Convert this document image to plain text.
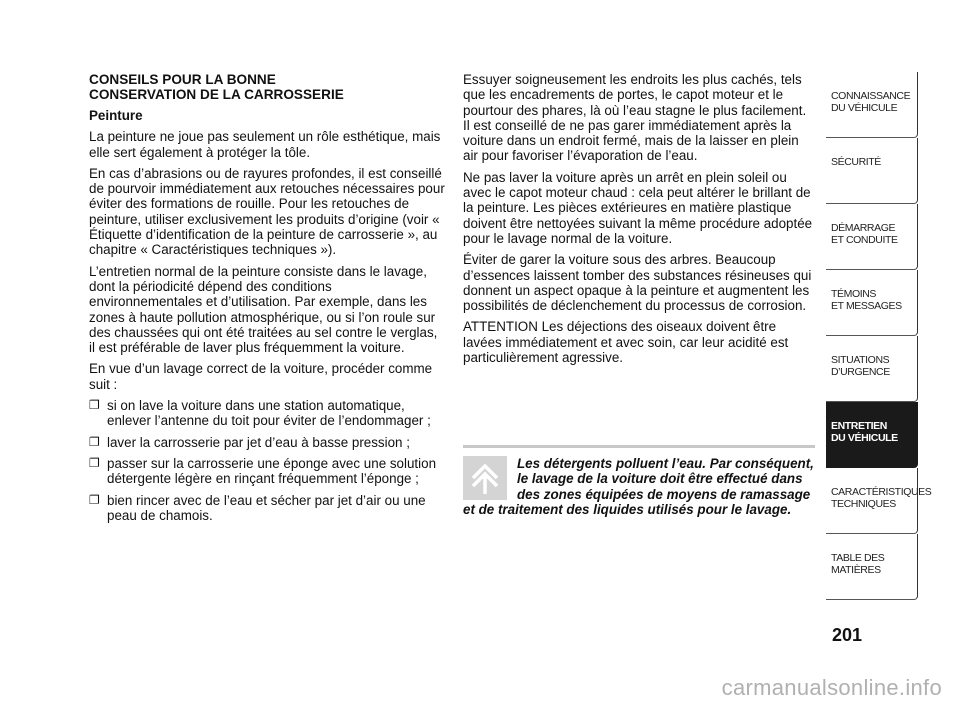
CONSEILS POUR LA BONNE
CONSERVATION DE LA CARROSSERIE

Peinture

La peinture ne joue pas seulement un rôle esthétique, mais elle sert également à protéger la tôle.

En cas d’abrasions ou de rayures profondes, il est conseillé de pourvoir immédiatement aux retouches nécessaires pour éviter des formations de rouille. Pour les retouches de peinture, utiliser exclusivement les produits d’origine (voir « Étiquette d’identification de la peinture de carrosserie », au chapitre « Caractéristiques techniques »).

L’entretien normal de la peinture consiste dans le lavage, dont la périodicité dépend des conditions environnementales et d’utilisation. Par exemple, dans les zones à haute pollution atmosphérique, ou si l’on roule sur des chaussées qui ont été traitées au sel contre le verglas, il est préférable de laver plus fréquemment la voiture.

En vue d’un lavage correct de la voiture, procéder comme suit :

❐ si on lave la voiture dans une station automatique, enlever l’antenne du toit pour éviter de l’endommager ;
❐ laver la carrosserie par jet d’eau à basse pression ;
❐ passer sur la carrosserie une éponge avec une solution détergente légère en rinçant fréquemment l’éponge ;
❐ bien rincer avec de l’eau et sécher par jet d’air ou une peau de chamois.

Essuyer soigneusement les endroits les plus cachés, tels que les encadrements de portes, le capot moteur et le pourtour des phares, là où l’eau stagne le plus facilement. Il est conseillé de ne pas garer immédiatement après la voiture dans un endroit fermé, mais de la laisser en plein air pour favoriser l’évaporation de l’eau.

Ne pas laver la voiture après un arrêt en plein soleil ou avec le capot moteur chaud : cela peut altérer le brillant de la peinture. Les pièces extérieures en matière plastique doivent être nettoyées suivant la même procédure adoptée pour le lavage normal de la voiture.

Éviter de garer la voiture sous des arbres. Beaucoup d’essences laissent tomber des substances résineuses qui donnent un aspect opaque à la peinture et augmentent les possibilités de déclenchement du processus de corrosion.

ATTENTION Les déjections des oiseaux doivent être lavées immédiatement et avec soin, car leur acidité est particulièrement agressive.

Les détergents polluent l’eau. Par conséquent, le lavage de la voiture doit être effectué dans des zones équipées de moyens de ramassage et de traitement des liquides utilisés pour le lavage.
CONNAISSANCE
DU VÉHICULE
SÉCURITÉ
DÉMARRAGE
ET CONDUITE
TÉMOINS
ET MESSAGES
SITUATIONS
D’URGENCE
ENTRETIEN
DU VÉHICULE
CARACTÉRISTIQUES
TECHNIQUES
TABLE DES
MATIÈRES
201
carmanualsonline.info
